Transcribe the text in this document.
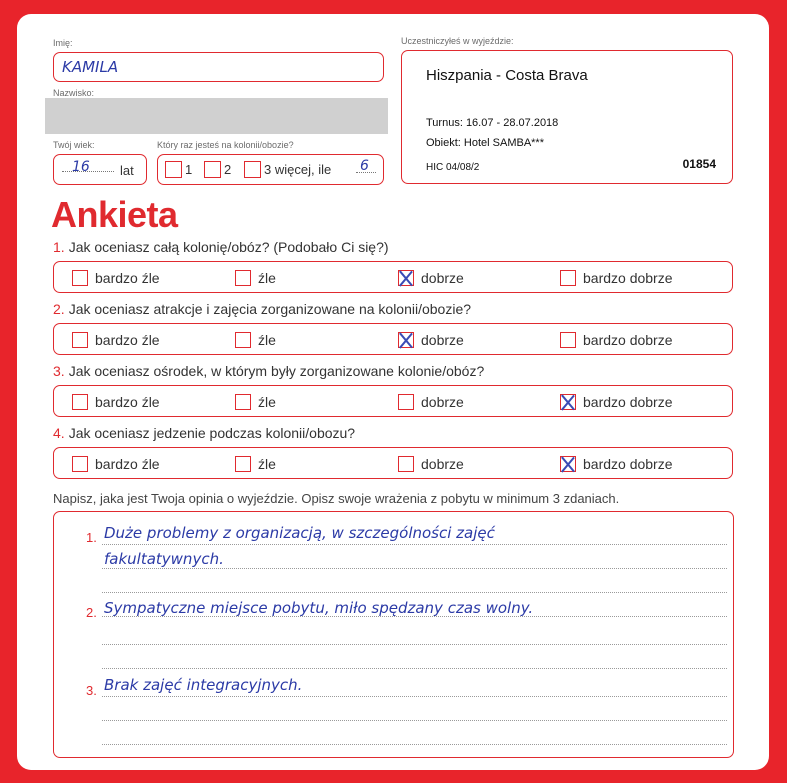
Imię:
KAMILA
Nazwisko:
Twój wiek:
16 lat
Który raz jesteś na kolonii/obozie?
1 2	3 więcej, ile 6
Uczestniczyłeś w wyjeździe:
Hiszpania - Costa Brava
Turnus: 16.07 - 28.07.2018
Obiekt: Hotel SAMBA***
HIC 04/08/2	01854
Ankieta
1. Jak oceniasz całą kolonię/obóz? (Podobało Ci się?)
bardzo źle	źle	dobrze	bardzo dobrze
2. Jak oceniasz atrakcje i zajęcia zorganizowane na kolonii/obozie?
bardzo źle	źle	dobrze	bardzo dobrze
3. Jak oceniasz ośrodek, w którym były zorganizowane kolonie/obóz?
bardzo źle	źle	dobrze	bardzo dobrze
4. Jak oceniasz jedzenie podczas kolonii/obozu?
bardzo źle	źle	dobrze	bardzo dobrze
Napisz, jaka jest Twoja opinia o wyjeździe. Opisz swoje wrażenia z pobytu w minimum 3 zdaniach.
1. Duże problemy z organizacją, w szczególności zajęć
fakultatywnych.
2. Sympatyczne miejsce pobytu, miło spędzany czas wolny.
3. Brak zajęć integracyjnych.
